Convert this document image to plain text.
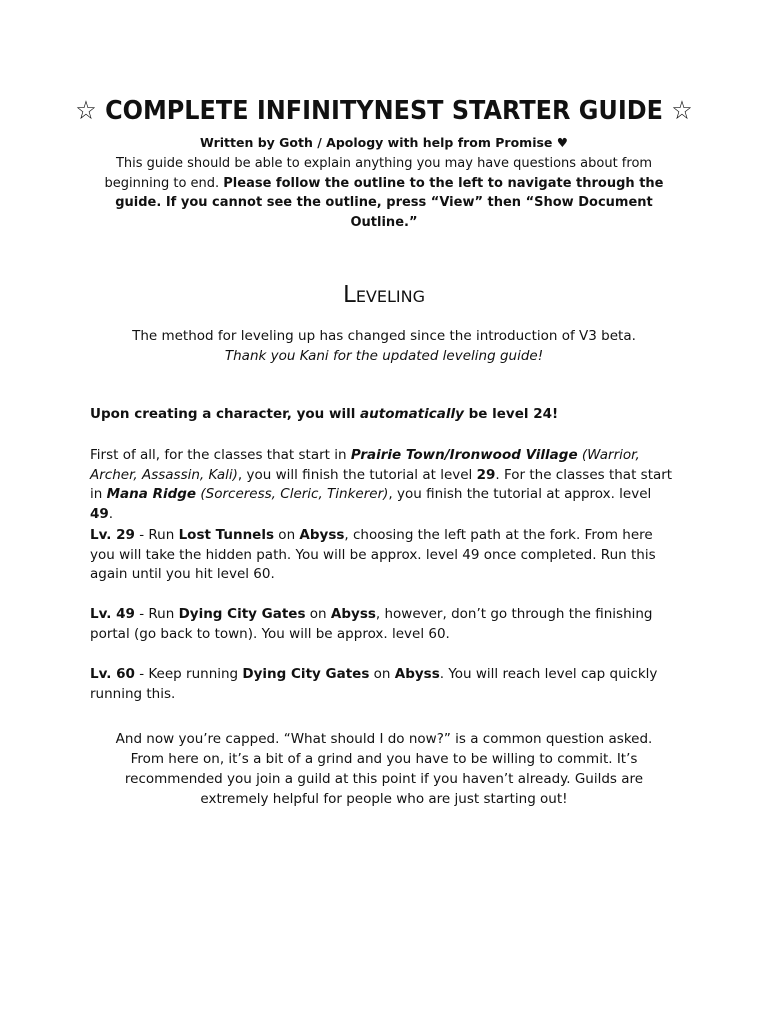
☆ COMPLETE INFINITYNEST STARTER GUIDE ☆
Written by Goth / Apology with help from Promise ♥
This guide should be able to explain anything you may have questions about from beginning to end. Please follow the outline to the left to navigate through the guide. If you cannot see the outline, press “View” then “Show Document Outline.”
Leveling
The method for leveling up has changed since the introduction of V3 beta.
Thank you Kani for the updated leveling guide!
Upon creating a character, you will automatically be level 24!
First of all, for the classes that start in Prairie Town/Ironwood Village (Warrior, Archer, Assassin, Kali), you will finish the tutorial at level 29. For the classes that start in Mana Ridge (Sorceress, Cleric, Tinkerer), you finish the tutorial at approx. level 49.
Lv. 29 - Run Lost Tunnels on Abyss, choosing the left path at the fork. From here you will take the hidden path. You will be approx. level 49 once completed. Run this again until you hit level 60.
Lv. 49 - Run Dying City Gates on Abyss, however, don’t go through the finishing portal (go back to town). You will be approx. level 60.
Lv. 60 - Keep running Dying City Gates on Abyss. You will reach level cap quickly running this.
And now you’re capped. “What should I do now?” is a common question asked. From here on, it’s a bit of a grind and you have to be willing to commit. It’s recommended you join a guild at this point if you haven’t already. Guilds are extremely helpful for people who are just starting out!
